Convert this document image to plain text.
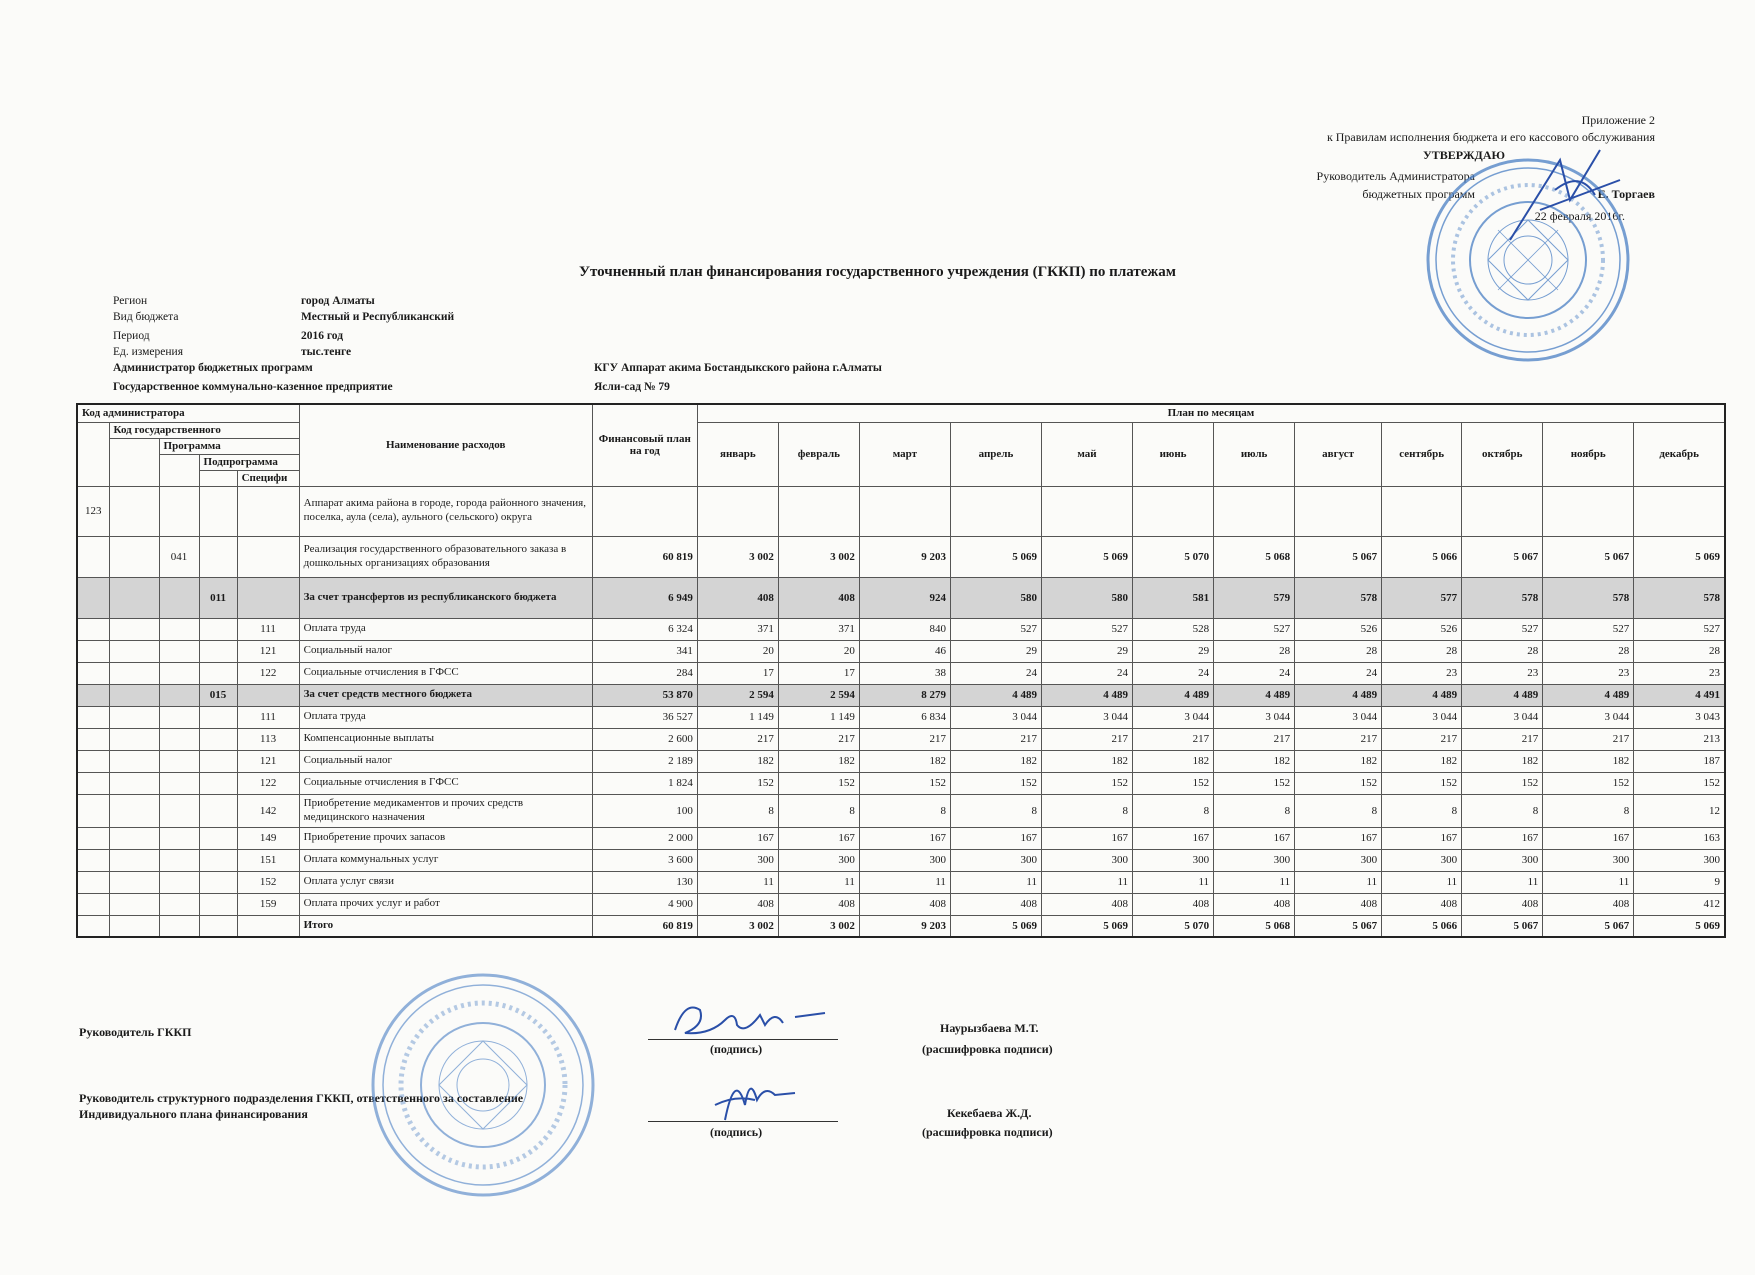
Приложение 2
к Правилам исполнения бюджета и его кассового обслуживания
УТВЕРЖДАЮ
Руководитель Администратора
бюджетных программ	Е. Торгаев
22 февраля 2016г.
Уточненный план финансирования государственного учреждения (ГККП) по платежам
Регион	город Алматы
Вид бюджета	Местный и Республиканский
Период	2016 год
Ед. измерения	тыс.тенге
Администратор бюджетных программ	КГУ Аппарат акима Бостандыкского района г.Алматы
Государственное коммунально-казенное предприятие	Ясли-сад № 79
Код администратора					Наименование расходов	Финансовый план на год	План по месяцам											
	Код государственного						январь	февраль	март	апрель	май	июнь	июль	август	сентябрь	октябрь	ноябрь	декабрь
		Программа																
			Подпрограмма															
				Специфи														
123					Аппарат акима района в городе, города районного значения, поселка, аула (села), аульного (сельского) округа													
		041			Реализация государственного образовательного заказа в дошкольных организациях образования	60 819	3 002	3 002	9 203	5 069	5 069	5 070	5 068	5 067	5 066	5 067	5 067	5 069
			011		За счет трансфертов из республиканского бюджета	6 949	408	408	924	580	580	581	579	578	577	578	578	578
				111	Оплата труда	6 324	371	371	840	527	527	528	527	526	526	527	527	527
				121	Социальный налог	341	20	20	46	29	29	29	28	28	28	28	28	28
				122	Социальные отчисления в ГФСС	284	17	17	38	24	24	24	24	24	23	23	23	23
			015		За счет средств местного бюджета	53 870	2 594	2 594	8 279	4 489	4 489	4 489	4 489	4 489	4 489	4 489	4 489	4 491
				111	Оплата труда	36 527	1 149	1 149	6 834	3 044	3 044	3 044	3 044	3 044	3 044	3 044	3 044	3 043
				113	Компенсационные выплаты	2 600	217	217	217	217	217	217	217	217	217	217	217	213
				121	Социальный налог	2 189	182	182	182	182	182	182	182	182	182	182	182	187
				122	Социальные отчисления в ГФСС	1 824	152	152	152	152	152	152	152	152	152	152	152	152
				142	Приобретение медикаментов и прочих средств медицинского назначения	100	8	8	8	8	8	8	8	8	8	8	8	12
				149	Приобретение прочих запасов	2 000	167	167	167	167	167	167	167	167	167	167	167	163
				151	Оплата коммунальных услуг	3 600	300	300	300	300	300	300	300	300	300	300	300	300
				152	Оплата услуг связи	130	11	11	11	11	11	11	11	11	11	11	11	9
				159	Оплата прочих услуг и работ	4 900	408	408	408	408	408	408	408	408	408	408	408	412
					Итого	60 819	3 002	3 002	9 203	5 069	5 069	5 070	5 068	5 067	5 066	5 067	5 067	5 069
Руководитель ГККП
(подпись)
Наурызбаева М.Т.
(расшифровка подписи)
Руководитель структурного подразделения ГККП, ответственного за составление Индивидуального плана финансирования
(подпись)
Кекебаева Ж.Д.
(расшифровка подписи)
